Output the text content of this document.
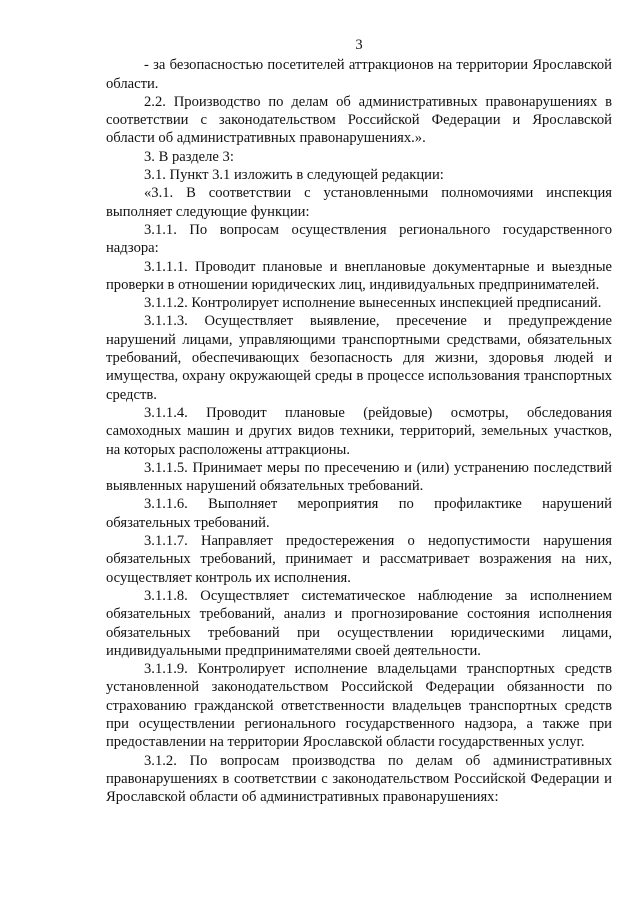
3

- за безопасностью посетителей аттракционов на территории Ярославской области.

2.2. Производство по делам об административных правонарушениях в соответствии с законодательством Российской Федерации и Ярославской области об административных правонарушениях.».

3. В разделе 3:

3.1. Пункт 3.1 изложить в следующей редакции:

«3.1. В соответствии с установленными полномочиями инспекция выполняет следующие функции:

3.1.1. По вопросам осуществления регионального государственного надзора:

3.1.1.1. Проводит плановые и внеплановые документарные и выездные проверки в отношении юридических лиц, индивидуальных предпринимателей.

3.1.1.2. Контролирует исполнение вынесенных инспекцией предписаний.

3.1.1.3. Осуществляет выявление, пресечение и предупреждение нарушений лицами, управляющими транспортными средствами, обязательных требований, обеспечивающих безопасность для жизни, здоровья людей и имущества, охрану окружающей среды в процессе использования транспортных средств.

3.1.1.4. Проводит плановые (рейдовые) осмотры, обследования самоходных машин и других видов техники, территорий, земельных участков, на которых расположены аттракционы.

3.1.1.5. Принимает меры по пресечению и (или) устранению последствий выявленных нарушений обязательных требований.

3.1.1.6. Выполняет мероприятия по профилактике нарушений обязательных требований.

3.1.1.7. Направляет предостережения о недопустимости нарушения обязательных требований, принимает и рассматривает возражения на них, осуществляет контроль их исполнения.

3.1.1.8. Осуществляет систематическое наблюдение за исполнением обязательных требований, анализ и прогнозирование состояния исполнения обязательных требований при осуществлении юридическими лицами, индивидуальными предпринимателями своей деятельности.

3.1.1.9. Контролирует исполнение владельцами транспортных средств установленной законодательством Российской Федерации обязанности по страхованию гражданской ответственности владельцев транспортных средств при осуществлении регионального государственного надзора, а также при предоставлении на территории Ярославской области государственных услуг.

3.1.2. По вопросам производства по делам об административных правонарушениях в соответствии с законодательством Российской Федерации и Ярославской области об административных правонарушениях:
